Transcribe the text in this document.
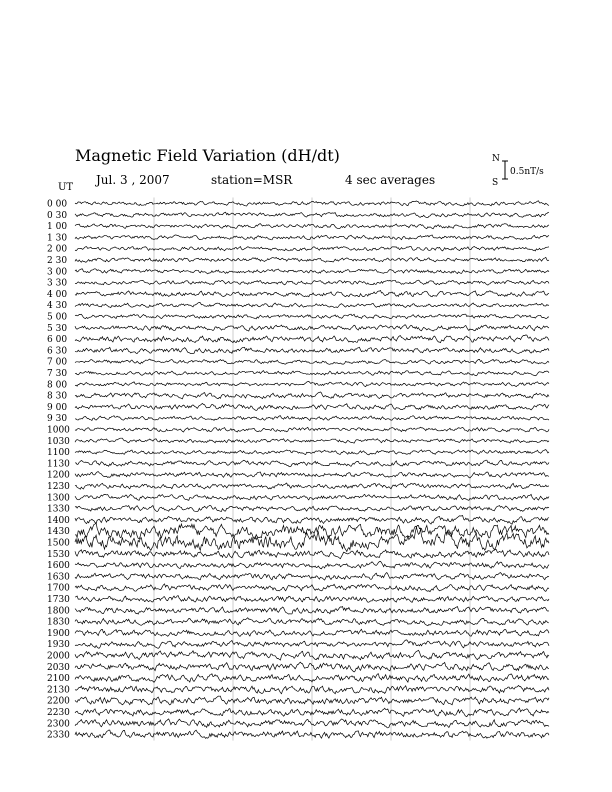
Magnetic Field Variation (dH/dt)
Jul. 3 , 2007	station=MSR	4 sec averages
UT
N
S
0.5nT/s
0 00
0 30
1 00
1 30
2 00
2 30
3 00
3 30
4 00
4 30
5 00
5 30
6 00
6 30
7 00
7 30
8 00
8 30
9 00
9 30
1000
1030
1100
1130
1200
1230
1300
1330
1400
1430
1500
1530
1600
1630
1700
1730
1800
1830
1900
1930
2000
2030
2100
2130
2200
2230
2300
2330
